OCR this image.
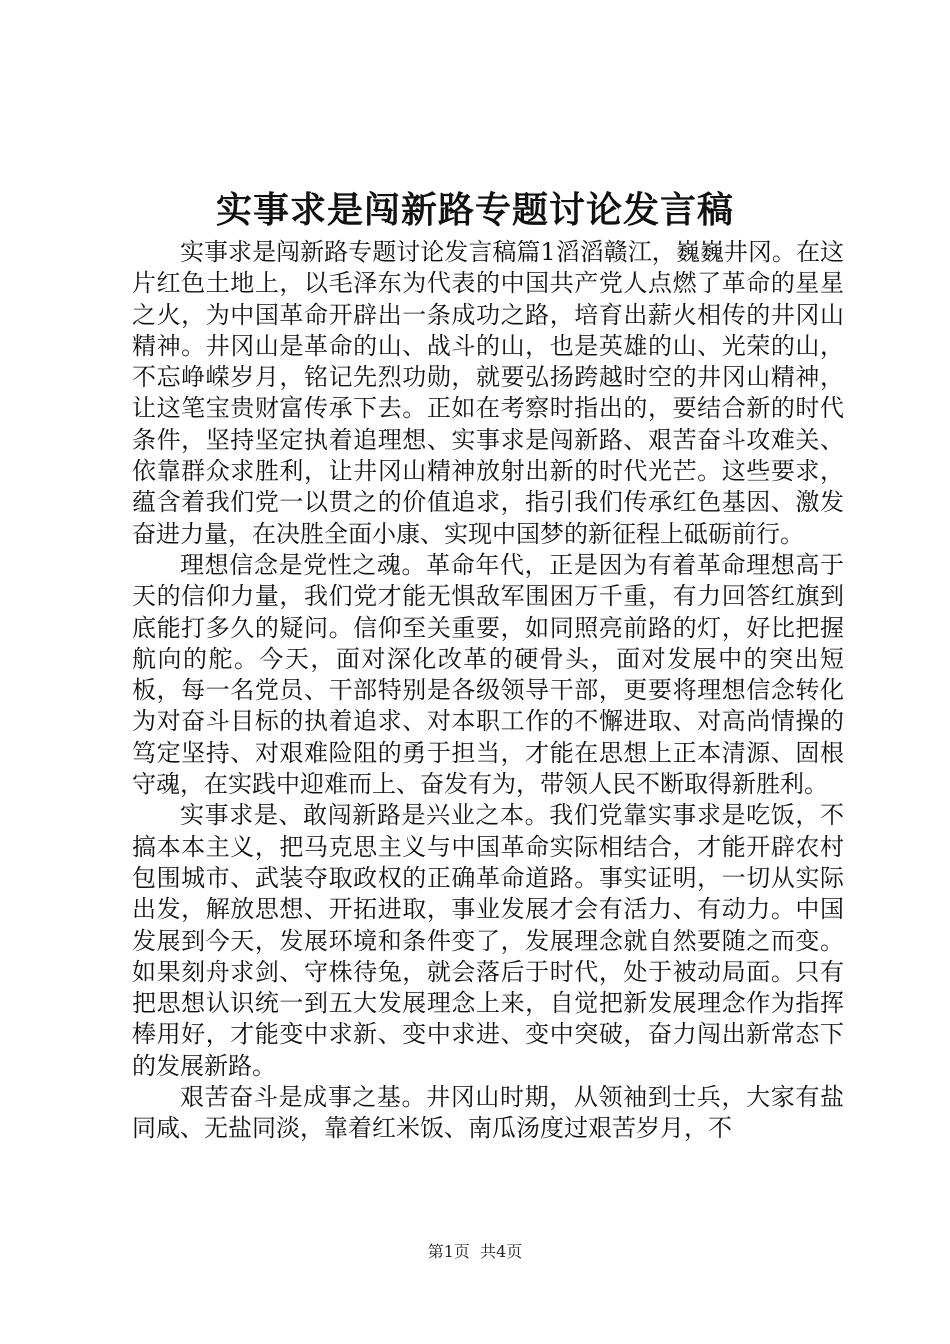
实事求是闯新路专题讨论发言稿

实事求是闯新路专题讨论发言稿篇1滔滔赣江，巍巍井冈。在这片红色土地上，以毛泽东为代表的中国共产党人点燃了革命的星星之火，为中国革命开辟出一条成功之路，培育出薪火相传的井冈山精神。井冈山是革命的山、战斗的山，也是英雄的山、光荣的山，不忘峥嵘岁月，铭记先烈功勋，就要弘扬跨越时空的井冈山精神，让这笔宝贵财富传承下去。正如在考察时指出的，要结合新的时代条件，坚持坚定执着追理想、实事求是闯新路、艰苦奋斗攻难关、依靠群众求胜利，让井冈山精神放射出新的时代光芒。这些要求，蕴含着我们党一以贯之的价值追求，指引我们传承红色基因、激发奋进力量，在决胜全面小康、实现中国梦的新征程上砥砺前行。

理想信念是党性之魂。革命年代，正是因为有着革命理想高于天的信仰力量，我们党才能无惧敌军围困万千重，有力回答红旗到底能打多久的疑问。信仰至关重要，如同照亮前路的灯，好比把握航向的舵。今天，面对深化改革的硬骨头，面对发展中的突出短板，每一名党员、干部特别是各级领导干部，更要将理想信念转化为对奋斗目标的执着追求、对本职工作的不懈进取、对高尚情操的笃定坚持、对艰难险阻的勇于担当，才能在思想上正本清源、固根守魂，在实践中迎难而上、奋发有为，带领人民不断取得新胜利。

实事求是、敢闯新路是兴业之本。我们党靠实事求是吃饭，不搞本本主义，把马克思主义与中国革命实际相结合，才能开辟农村包围城市、武装夺取政权的正确革命道路。事实证明，一切从实际出发，解放思想、开拓进取，事业发展才会有活力、有动力。中国发展到今天，发展环境和条件变了，发展理念就自然要随之而变。如果刻舟求剑、守株待兔，就会落后于时代，处于被动局面。只有把思想认识统一到五大发展理念上来，自觉把新发展理念作为指挥棒用好，才能变中求新、变中求进、变中突破，奋力闯出新常态下的发展新路。

艰苦奋斗是成事之基。井冈山时期，从领袖到士兵，大家有盐同咸、无盐同淡，靠着红米饭、南瓜汤度过艰苦岁月，不

第1页 共4页
